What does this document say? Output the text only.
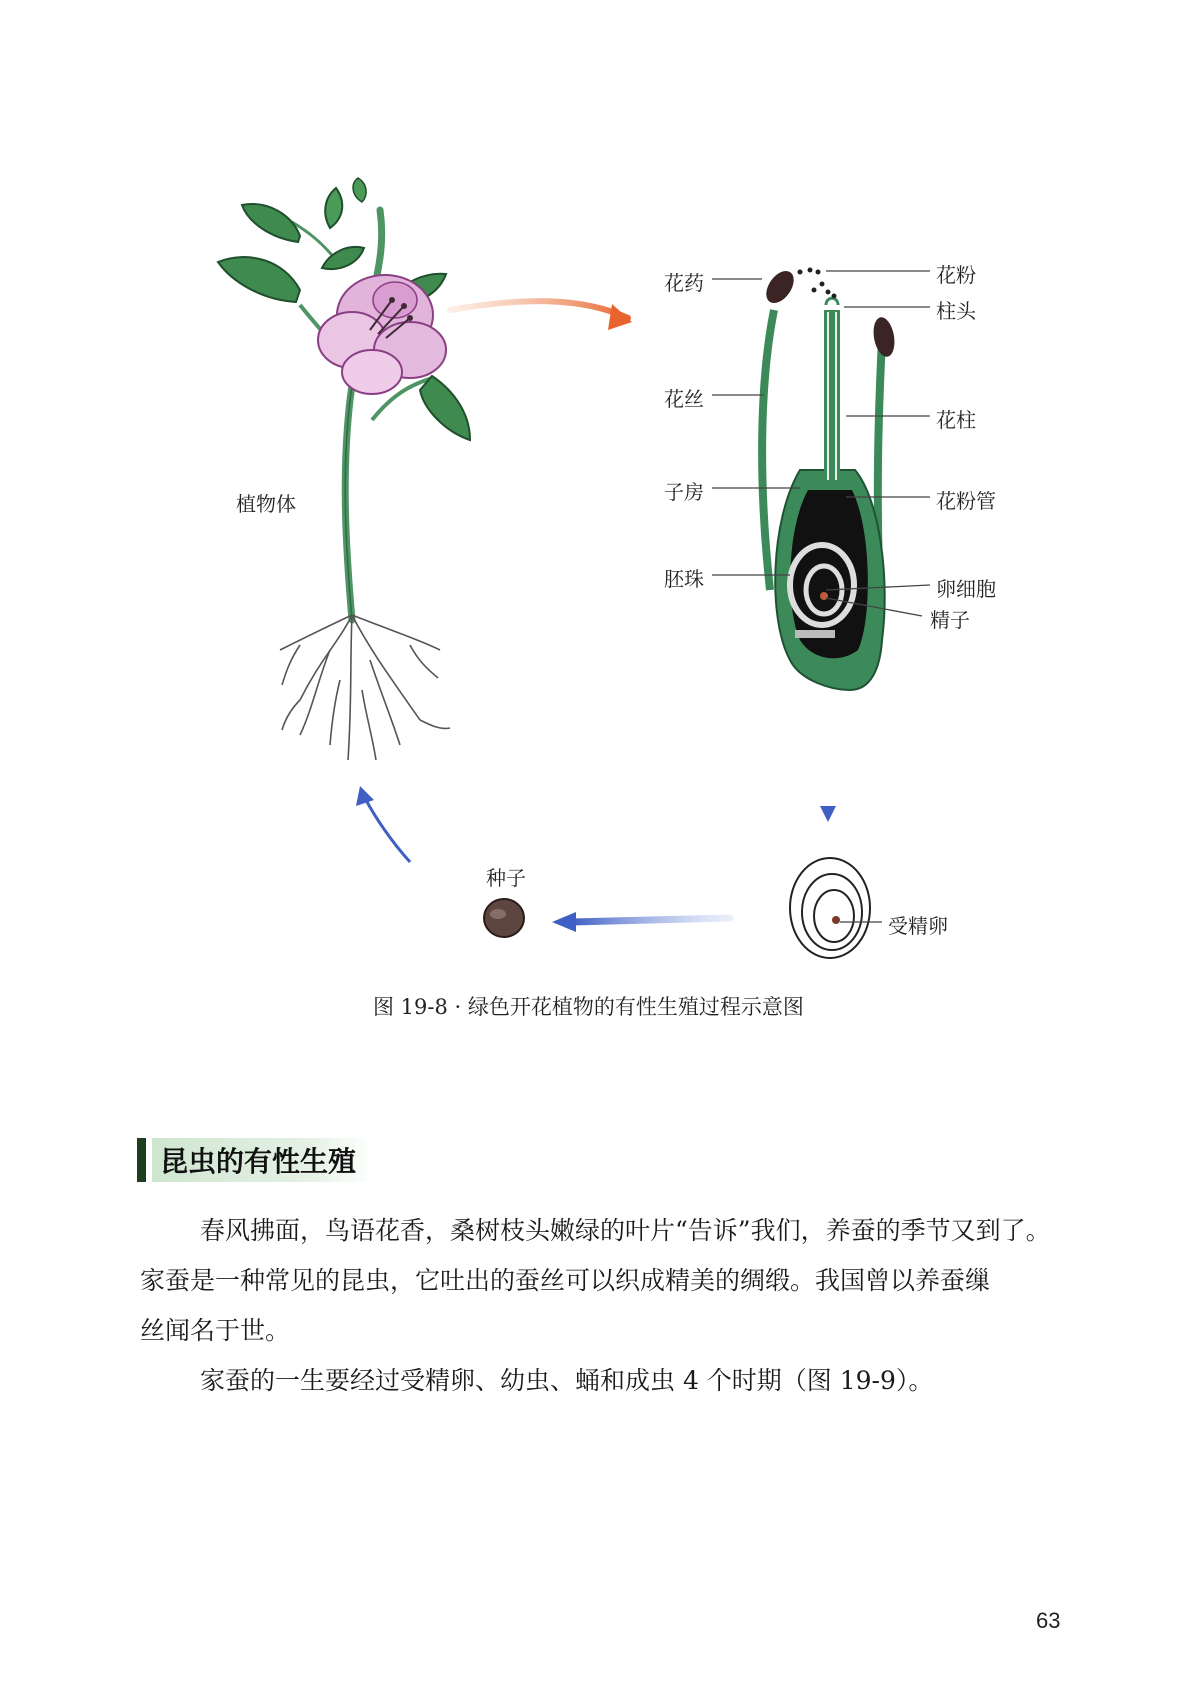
植物体
花药	花粉
柱头
花丝
花柱
子房	花粉管
胚珠	卵细胞
精子
种子
受精卵
图 19-8 · 绿色开花植物的有性生殖过程示意图
昆虫的有性生殖
春风拂面，鸟语花香，桑树枝头嫩绿的叶片“告诉”我们，养蚕的季节又到了。
家蚕是一种常见的昆虫，它吐出的蚕丝可以织成精美的绸缎。我国曾以养蚕缫
丝闻名于世。
家蚕的一生要经过受精卵、幼虫、蛹和成虫 4 个时期（图 19-9）。
63
